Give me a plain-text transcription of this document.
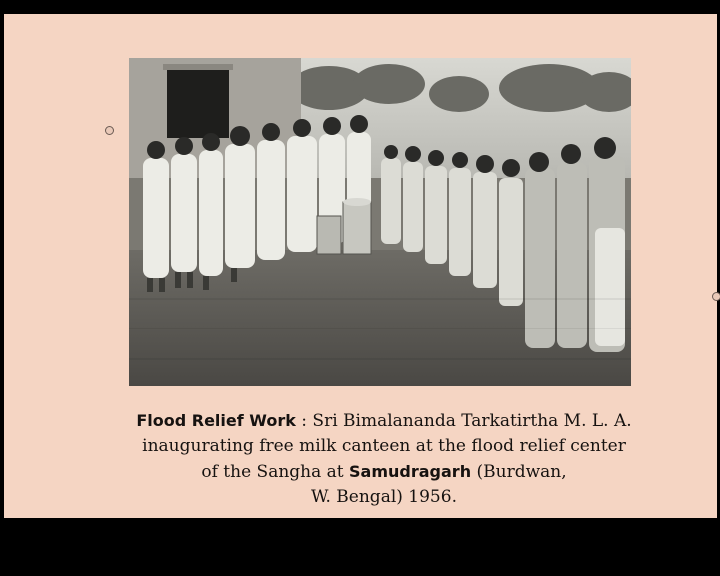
Flood Relief Work : Sri Bimalananda Tarkatirtha M. L. A.
inaugurating free milk canteen at the flood relief center
of the Sangha at Samudragarh (Burdwan,
W. Bengal) 1956.
